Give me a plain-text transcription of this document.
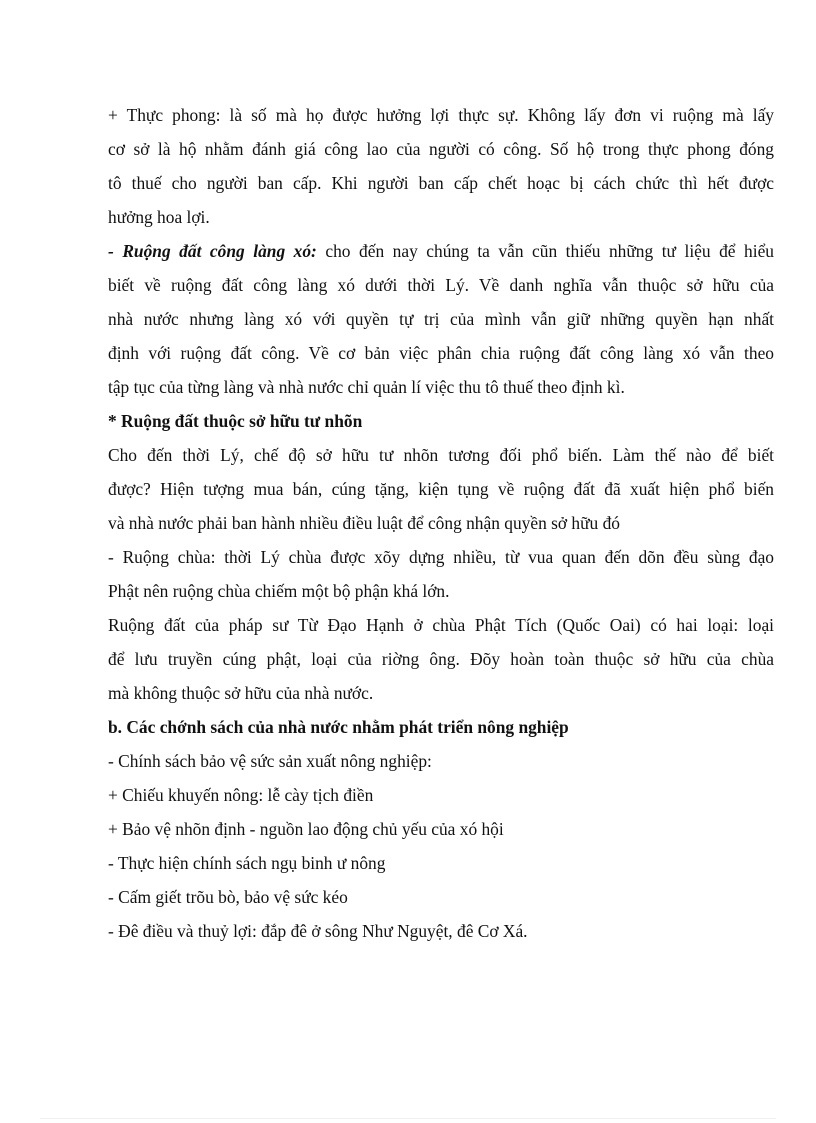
+ Thực phong: là số mà họ được hưởng lợi thực sự. Không lấy đơn vi ruộng mà lấy
cơ sở là hộ nhằm đánh giá công lao của người có công. Số hộ trong thực phong đóng
tô thuế cho người ban cấp. Khi người ban cấp chết hoạc bị cách chức thì hết được
hưởng hoa lợi.
- Ruộng đất công làng xó: cho đến nay chúng ta vẫn cũn thiếu những tư liệu để hiểu
biết về ruộng đất công làng xó dưới thời Lý. Về danh nghĩa vẫn thuộc sở hữu của
nhà nước nhưng làng xó với quyền tự trị của mình vẫn giữ những quyền hạn nhất
định với ruộng đất công. Về cơ bản việc phân chia ruộng đất công làng xó vẫn theo
tập tục của từng làng và nhà nước chỉ quản lí việc thu tô thuế theo định kì.
* Ruộng đất thuộc sở hữu tư nhõn
Cho đến thời Lý, chế độ sở hữu tư nhõn tương đối phổ biến. Làm thế nào để biết
được? Hiện tượng mua bán, cúng tặng, kiện tụng về ruộng đất đã xuất hiện phổ biến
và nhà nước phải ban hành nhiều điều luật để công nhận quyền sở hữu đó
- Ruộng chùa: thời Lý chùa được xõy dựng nhiều, từ vua quan đến dõn đều sùng đạo
Phật nên ruộng chùa chiếm một bộ phận khá lớn.
Ruộng đất của pháp sư Từ Đạo Hạnh ở chùa Phật Tích (Quốc Oai) có hai loại: loại
để lưu truyền cúng phật, loại của riờng ông. Đõy hoàn toàn thuộc sở hữu của chùa
mà không thuộc sở hữu của nhà nước.
b. Các chớnh sách của nhà nước nhằm phát triển nông nghiệp
- Chính sách bảo vệ sức sản xuất nông nghiệp:
+ Chiếu khuyến nông: lễ cày tịch điền
+ Bảo vệ nhõn định - nguồn lao động chủ yếu của xó hội
- Thực hiện chính sách ngụ binh ư nông
- Cấm giết trõu bò, bảo vệ sức kéo
- Đê điều và thuỷ lợi: đắp đê ở sông Như Nguyệt, đê Cơ Xá.
